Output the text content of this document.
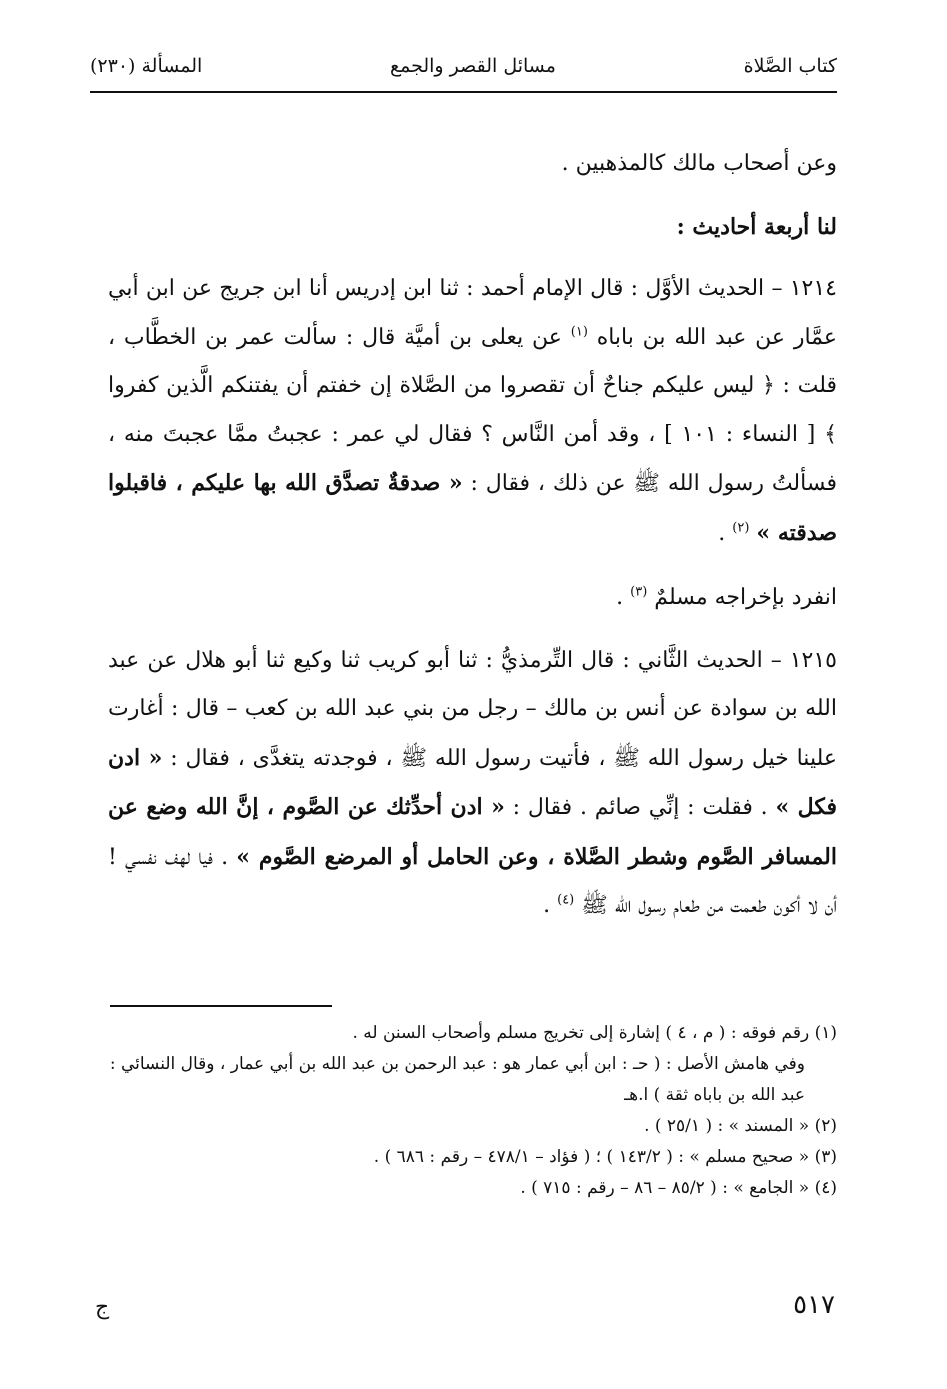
كتاب الصَّلاة
مسائل القصر والجمع
المسألة (٢٣٠)

وعن أصحاب مالك كالمذهبين .

لنا أربعة أحاديث :

١٢١٤ – الحديث الأوَّل : قال الإمام أحمد : ثنا ابن إدريس أنا ابن جريج عن ابن أبي عمَّار عن عبد الله بن باباه $^{(١)}$ عن يعلى بن أميَّة قال : سألت عمر بن الخطَّاب ، قلت : ﴿ ليس عليكم جناحٌ أن تقصروا من الصَّلاة إن خفتم أن يفتنكم الَّذين كفروا ﴾ [ النساء : ١٠١ ] ، وقد أمن النَّاس ؟ فقال لي عمر : عجبتُ ممَّا عجبتَ منه ، فسألتُ رسول الله ﷺ عن ذلك ، فقال : « صدقةٌ تصدَّق الله بها عليكم ، فاقبلوا صدقته » $^{(٢)}$ .

انفرد بإخراجه مسلمٌ $^{(٣)}$ .

١٢١٥ – الحديث الثَّاني : قال التِّرمذيُّ : ثنا أبو كريب ثنا وكيع ثنا أبو هلال عن عبد الله بن سوادة عن أنس بن مالك – رجل من بني عبد الله بن كعب – قال : أغارت علينا خيل رسول الله ﷺ ، فأتيت رسول الله ﷺ ، فوجدته يتغدَّى ، فقال : « ادن فكل » . فقلت : إنِّي صائم . فقال : « ادن أحدِّثك عن الصَّوم ، إنَّ الله وضع عن المسافر الصَّوم وشطر الصَّلاة ، وعن الحامل أو المرضع الصَّوم » . فيا لهف نفسي ! أن لا أكون طعمت من طعام رسول الله ﷺ $^{(٤)}$ .

(١) رقم فوقه : ( م ، ٤ ) إشارة إلى تخريج مسلم وأصحاب السنن له .

وفي هامش الأصل : ( حـ : ابن أبي عمار هو : عبد الرحمن بن عبد الله بن أبي عمار ، وقال النسائي : عبد الله بن باباه ثقة ) ا.هـ

(٢) « المسند » : ( ٢٥/١ ) .

(٣) « صحيح مسلم » : ( ١٤٣/٢ ) ؛ ( فؤاد – ٤٧٨/١ – رقم : ٦٨٦ ) .

(٤) « الجامع » : ( ٨٥/٢ – ٨٦ – رقم : ٧١٥ ) .

٥١٧
ج
